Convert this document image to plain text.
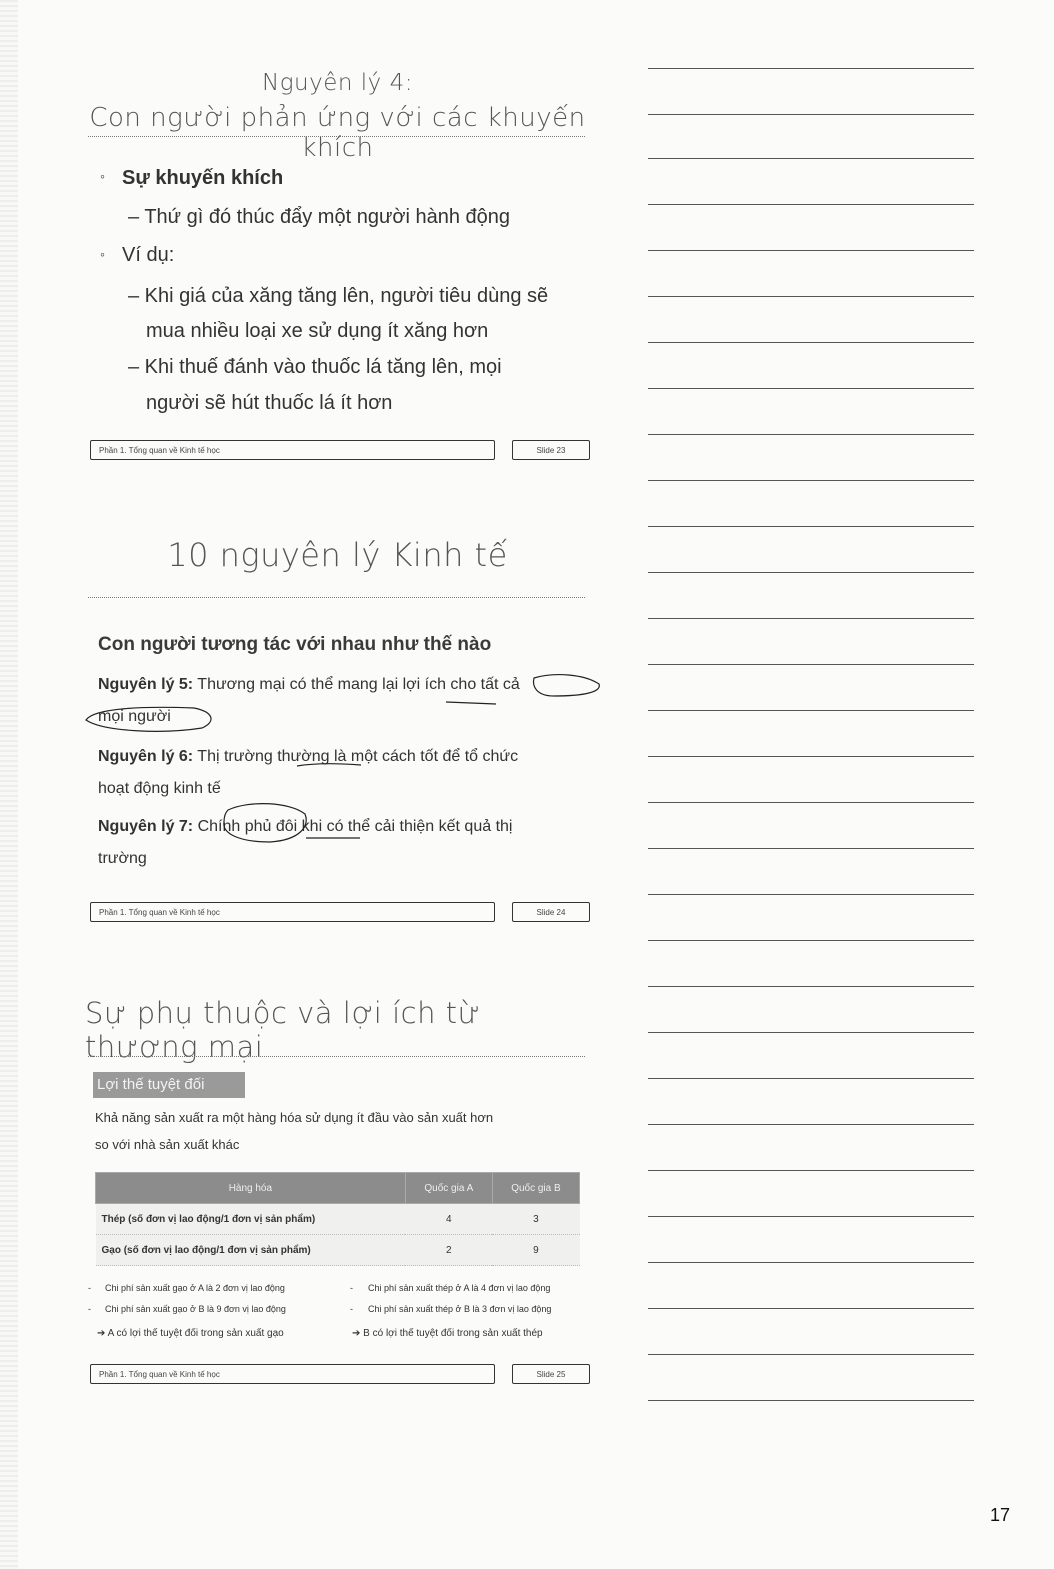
Nguyên lý 4:
Con người phản ứng với các khuyến khích
◦ Sự khuyến khích
– Thứ gì đó thúc đẩy một người hành động
◦ Ví dụ:
– Khi giá của xăng tăng lên, người tiêu dùng sẽ
mua nhiều loại xe sử dụng ít xăng hơn
– Khi thuế đánh vào thuốc lá tăng lên, mọi
người sẽ hút thuốc lá ít hơn
Phần 1. Tổng quan về Kinh tế học	Slide 23
10 nguyên lý Kinh tế
Con người tương tác với nhau như thế nào
Nguyên lý 5: Thương mại có thể mang lại lợi ích cho tất cả
mọi người
Nguyên lý 6: Thị trường thường là một cách tốt để tổ chức
hoạt động kinh tế
Nguyên lý 7: Chính phủ đôi khi có thể cải thiện kết quả thị
trường
Phần 1. Tổng quan về Kinh tế học	Slide 24
Sự phụ thuộc và lợi ích từ thương mại
Lợi thế tuyệt đối
Khả năng sản xuất ra một hàng hóa sử dụng ít đầu vào sản xuất hơn
so với nhà sản xuất khác
Hàng hóa	Quốc gia A	Quốc gia B
Thép (số đơn vị lao động/1 đơn vị sản phẩm)	4	3
Gạo (số đơn vị lao động/1 đơn vị sản phẩm)	2	9
- Chi phí sản xuất gạo ở A là 2 đơn vị lao động
- Chi phí sản xuất gạo ở B là 9 đơn vị lao động
➔ A có lợi thế tuyệt đối trong sản xuất gạo
- Chi phí sản xuất thép ở A là 4 đơn vị lao động
- Chi phí sản xuất thép ở B là 3 đơn vị lao động
➔ B có lợi thế tuyệt đối trong sản xuất thép
Phần 1. Tổng quan về Kinh tế học	Slide 25
17
